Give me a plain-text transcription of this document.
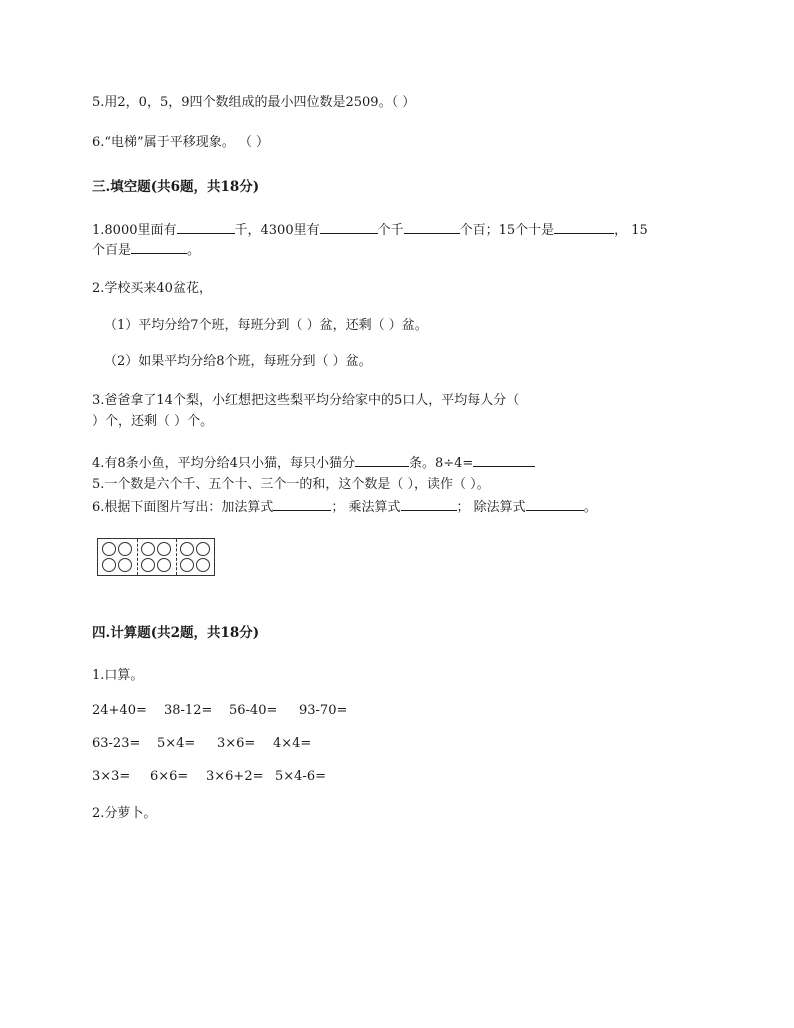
5.用2，0，5，9四个数组成的最小四位数是2509。（ ）
6.“电梯”属于平移现象。 （ ）
三.填空题(共6题，共18分)
1.8000里面有	千，4300里有	个千	个百；15个十是	， 15
个百是	。
2.学校买来40盆花，
（1）平均分给7个班，每班分到（ ）盆，还剩（ ）盆。
（2）如果平均分给8个班，每班分到（ ）盆。
3.爸爸拿了14个梨，小红想把这些梨平均分给家中的5口人，平均每人分（
）个，还剩（ ）个。
4.有8条小鱼，平均分给4只小猫，每只小猫分	条。8÷4=
5.一个数是六个千、五个十、三个一的和，这个数是（ ），读作（ ）。
6.根据下面图片写出：加法算式	； 乘法算式	； 除法算式	。
四.计算题(共2题，共18分)
1.口算。
24+40= 38-12= 56-40= 93-70=
63-23= 5×4= 3×6= 4×4=
3×3= 6×6= 3×6+2= 5×4-6=
2.分萝卜。
